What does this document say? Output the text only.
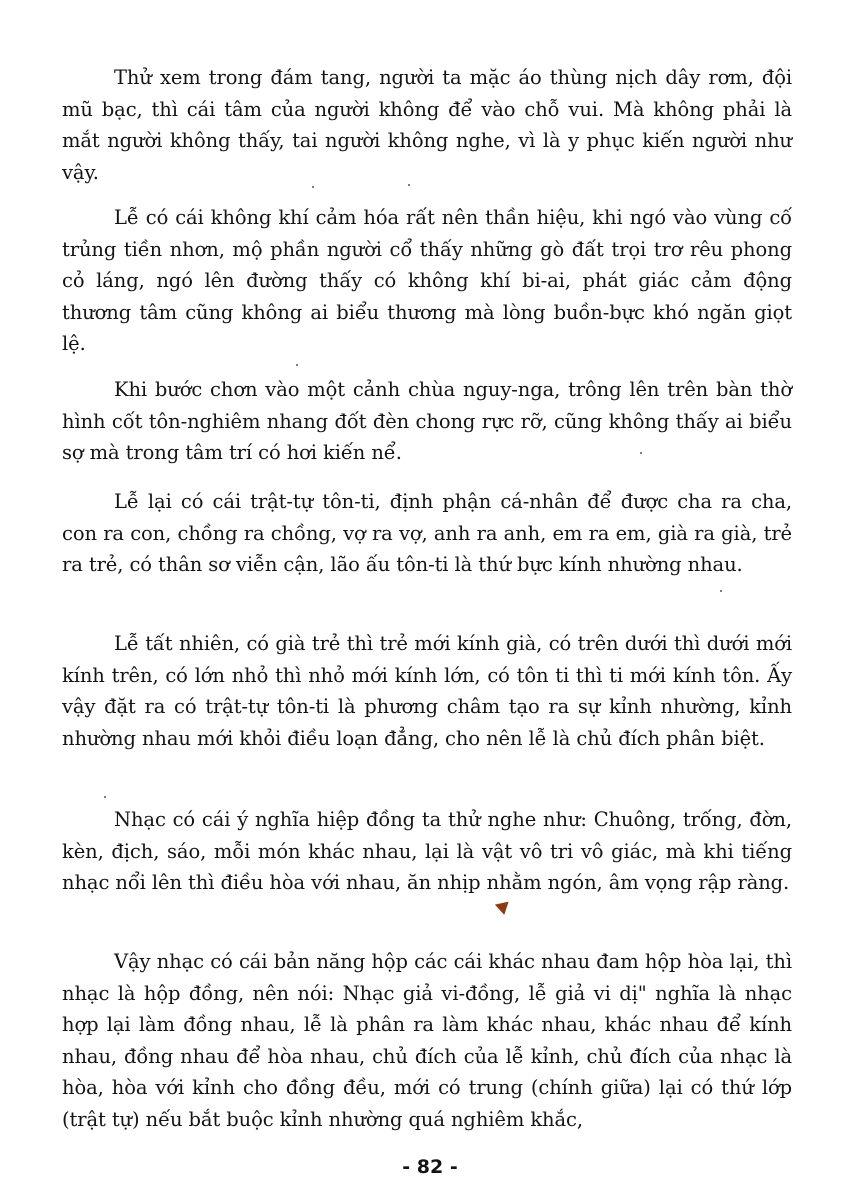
Thử xem trong đám tang, người ta mặc áo thùng nịch dây rơm, đội mũ bạc, thì cái tâm của người không để vào chỗ vui. Mà không phải là mắt người không thấy, tai người không nghe, vì là y phục kiến người như vậy.

Lễ có cái không khí cảm hóa rất nên thần hiệu, khi ngó vào vùng cố trủng tiền nhơn, mộ phần người cổ thấy những gò đất trọi trơ rêu phong cỏ láng, ngó lên đường thấy có không khí bi-ai, phát giác cảm động thương tâm cũng không ai biểu thương mà lòng buồn-bực khó ngăn giọt lệ.

Khi bước chơn vào một cảnh chùa nguy-nga, trông lên trên bàn thờ hình cốt tôn-nghiêm nhang đốt đèn chong rực rỡ, cũng không thấy ai biểu sợ mà trong tâm trí có hơi kiến nể.

Lễ lại có cái trật-tự tôn-ti, định phận cá-nhân để được cha ra cha, con ra con, chồng ra chồng, vợ ra vợ, anh ra anh, em ra em, già ra già, trẻ ra trẻ, có thân sơ viễn cận, lão ấu tôn-ti là thứ bực kính nhường nhau.

Lễ tất nhiên, có già trẻ thì trẻ mới kính già, có trên dưới thì dưới mới kính trên, có lớn nhỏ thì nhỏ mới kính lớn, có tôn ti thì ti mới kính tôn. Ấy vậy đặt ra có trật-tự tôn-ti là phương châm tạo ra sự kỉnh nhường, kỉnh nhường nhau mới khỏi điều loạn đẳng, cho nên lễ là chủ đích phân biệt.

Nhạc có cái ý nghĩa hiệp đồng ta thử nghe như: Chuông, trống, đờn, kèn, địch, sáo, mỗi món khác nhau, lại là vật vô tri vô giác, mà khi tiếng nhạc nổi lên thì điều hòa với nhau, ăn nhịp nhằm ngón, âm vọng rập ràng.

Vậy nhạc có cái bản năng hộp các cái khác nhau đam hộp hòa lại, thì nhạc là hộp đồng, nên nói: Nhạc giả vi-đồng, lễ giả vi dị" nghĩa là nhạc hợp lại làm đồng nhau, lễ là phân ra làm khác nhau, khác nhau để kính nhau, đồng nhau để hòa nhau, chủ đích của lễ kỉnh, chủ đích của nhạc là hòa, hòa với kỉnh cho đồng đều, mới có trung (chính giữa) lại có thứ lớp (trật tự) nếu bắt buộc kỉnh nhường quá nghiêm khắc,

- 82 -
